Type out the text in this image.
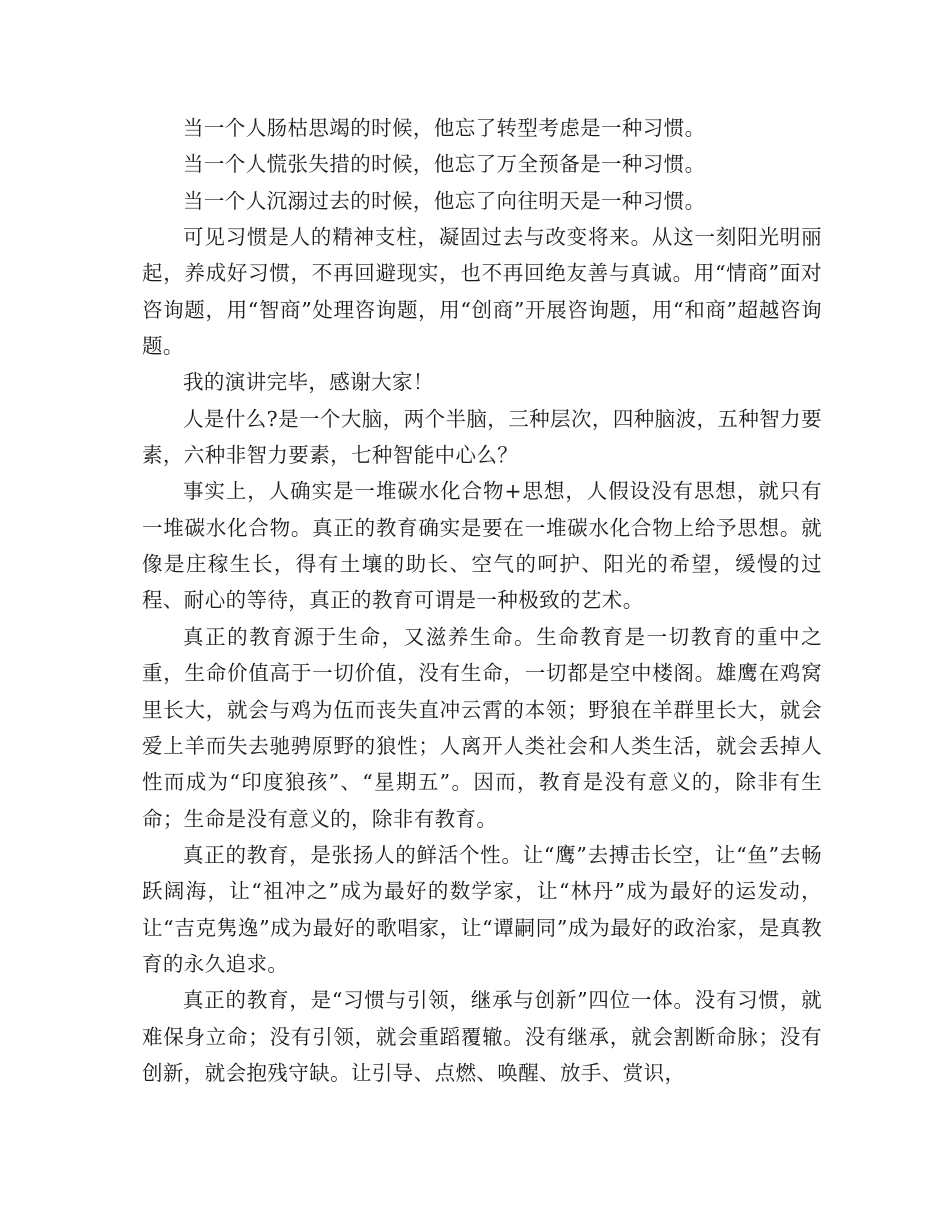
当一个人肠枯思竭的时候，他忘了转型考虑是一种习惯。

当一个人慌张失措的时候，他忘了万全预备是一种习惯。

当一个人沉溺过去的时候，他忘了向往明天是一种习惯。

可见习惯是人的精神支柱，凝固过去与改变将来。从这一刻阳光明丽起，养成好习惯，不再回避现实，也不再回绝友善与真诚。用“情商”面对咨询题，用“智商”处理咨询题，用“创商”开展咨询题，用“和商”超越咨询题。

我的演讲完毕，感谢大家！

人是什么?是一个大脑，两个半脑，三种层次，四种脑波，五种智力要素，六种非智力要素，七种智能中心么？

事实上，人确实是一堆碳水化合物+思想，人假设没有思想，就只有一堆碳水化合物。真正的教育确实是要在一堆碳水化合物上给予思想。就像是庄稼生长，得有土壤的助长、空气的呵护、阳光的希望，缓慢的过程、耐心的等待，真正的教育可谓是一种极致的艺术。

真正的教育源于生命，又滋养生命。生命教育是一切教育的重中之重，生命价值高于一切价值，没有生命，一切都是空中楼阁。雄鹰在鸡窝里长大，就会与鸡为伍而丧失直冲云霄的本领；野狼在羊群里长大，就会爱上羊而失去驰骋原野的狼性；人离开人类社会和人类生活，就会丢掉人性而成为“印度狼孩”、“星期五”。因而，教育是没有意义的，除非有生命；生命是没有意义的，除非有教育。

真正的教育，是张扬人的鲜活个性。让“鹰”去搏击长空，让“鱼”去畅跃阔海，让“祖冲之”成为最好的数学家，让“林丹”成为最好的运发动，让“吉克隽逸”成为最好的歌唱家，让“谭嗣同”成为最好的政治家，是真教育的永久追求。

真正的教育，是“习惯与引领，继承与创新”四位一体。没有习惯，就难保身立命；没有引领，就会重蹈覆辙。没有继承，就会割断命脉；没有创新，就会抱残守缺。让引导、点燃、唤醒、放手、赏识，
